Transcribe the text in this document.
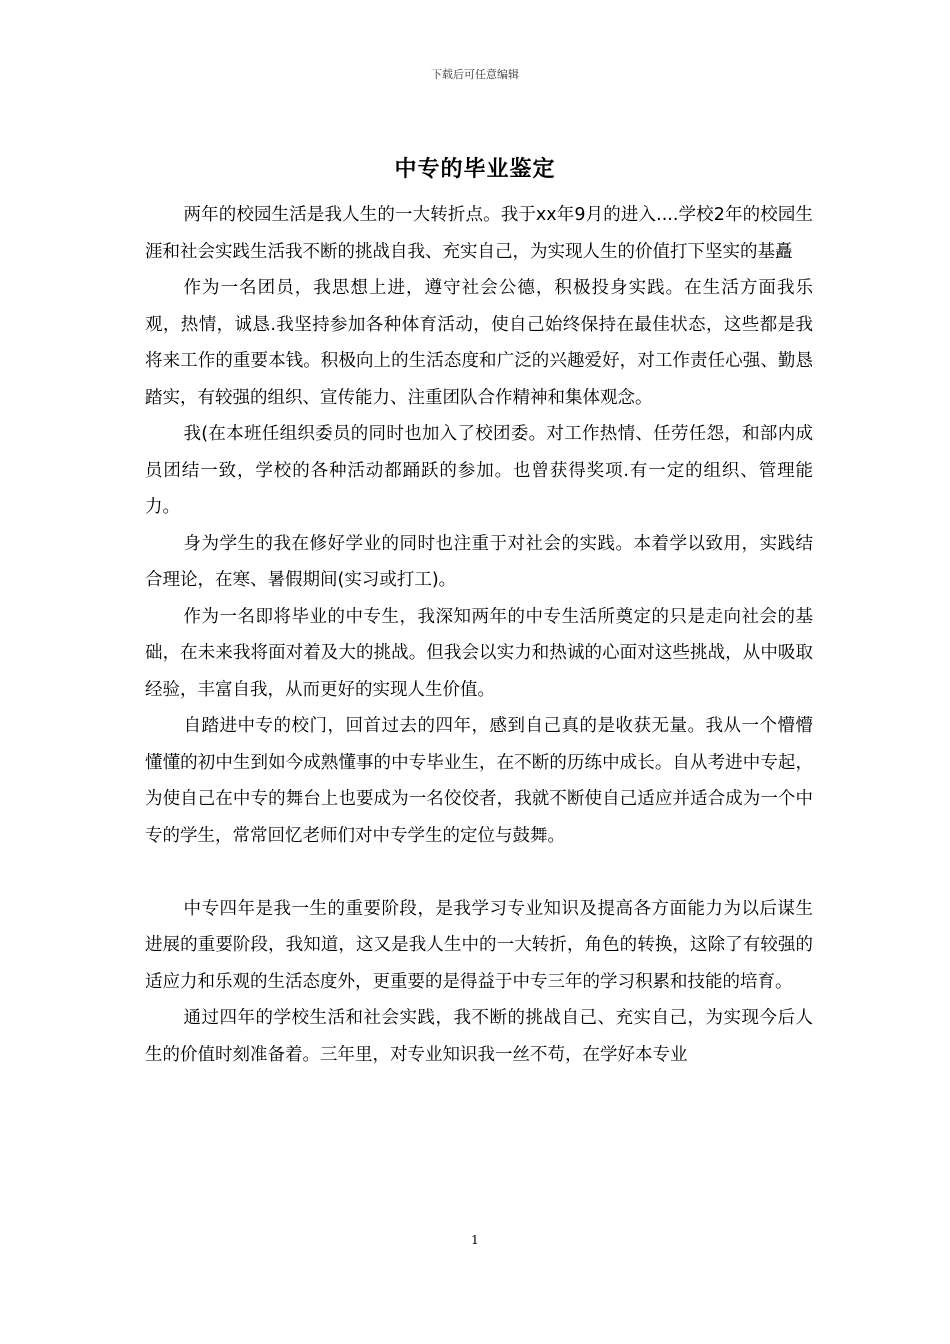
下载后可任意编辑
中专的毕业鉴定

两年的校园生活是我人生的一大转折点。我于xx年9月的进入....学校2年的校园生涯和社会实践生活我不断的挑战自我、充实自己，为实现人生的价值打下坚实的基矗

作为一名团员，我思想上进，遵守社会公德，积极投身实践。在生活方面我乐观，热情，诚恳.我坚持参加各种体育活动，使自己始终保持在最佳状态，这些都是我将来工作的重要本钱。积极向上的生活态度和广泛的兴趣爱好，对工作责任心强、勤恳踏实，有较强的组织、宣传能力、注重团队合作精神和集体观念。

我(在本班任组织委员的同时也加入了校团委。对工作热情、任劳任怨，和部内成员团结一致，学校的各种活动都踊跃的参加。也曾获得奖项.有一定的组织、管理能力。

身为学生的我在修好学业的同时也注重于对社会的实践。本着学以致用，实践结合理论，在寒、暑假期间(实习或打工)。

作为一名即将毕业的中专生，我深知两年的中专生活所奠定的只是走向社会的基础，在未来我将面对着及大的挑战。但我会以实力和热诚的心面对这些挑战，从中吸取经验，丰富自我，从而更好的实现人生价值。

自踏进中专的校门，回首过去的四年，感到自己真的是收获无量。我从一个懵懵懂懂的初中生到如今成熟懂事的中专毕业生，在不断的历练中成长。自从考进中专起，为使自己在中专的舞台上也要成为一名佼佼者，我就不断使自己适应并适合成为一个中专的学生，常常回忆老师们对中专学生的定位与鼓舞。

中专四年是我一生的重要阶段，是我学习专业知识及提高各方面能力为以后谋生进展的重要阶段，我知道，这又是我人生中的一大转折，角色的转换，这除了有较强的适应力和乐观的生活态度外，更重要的是得益于中专三年的学习积累和技能的培育。

通过四年的学校生活和社会实践，我不断的挑战自己、充实自己，为实现今后人生的价值时刻准备着。三年里，对专业知识我一丝不苟，在学好本专业

1
